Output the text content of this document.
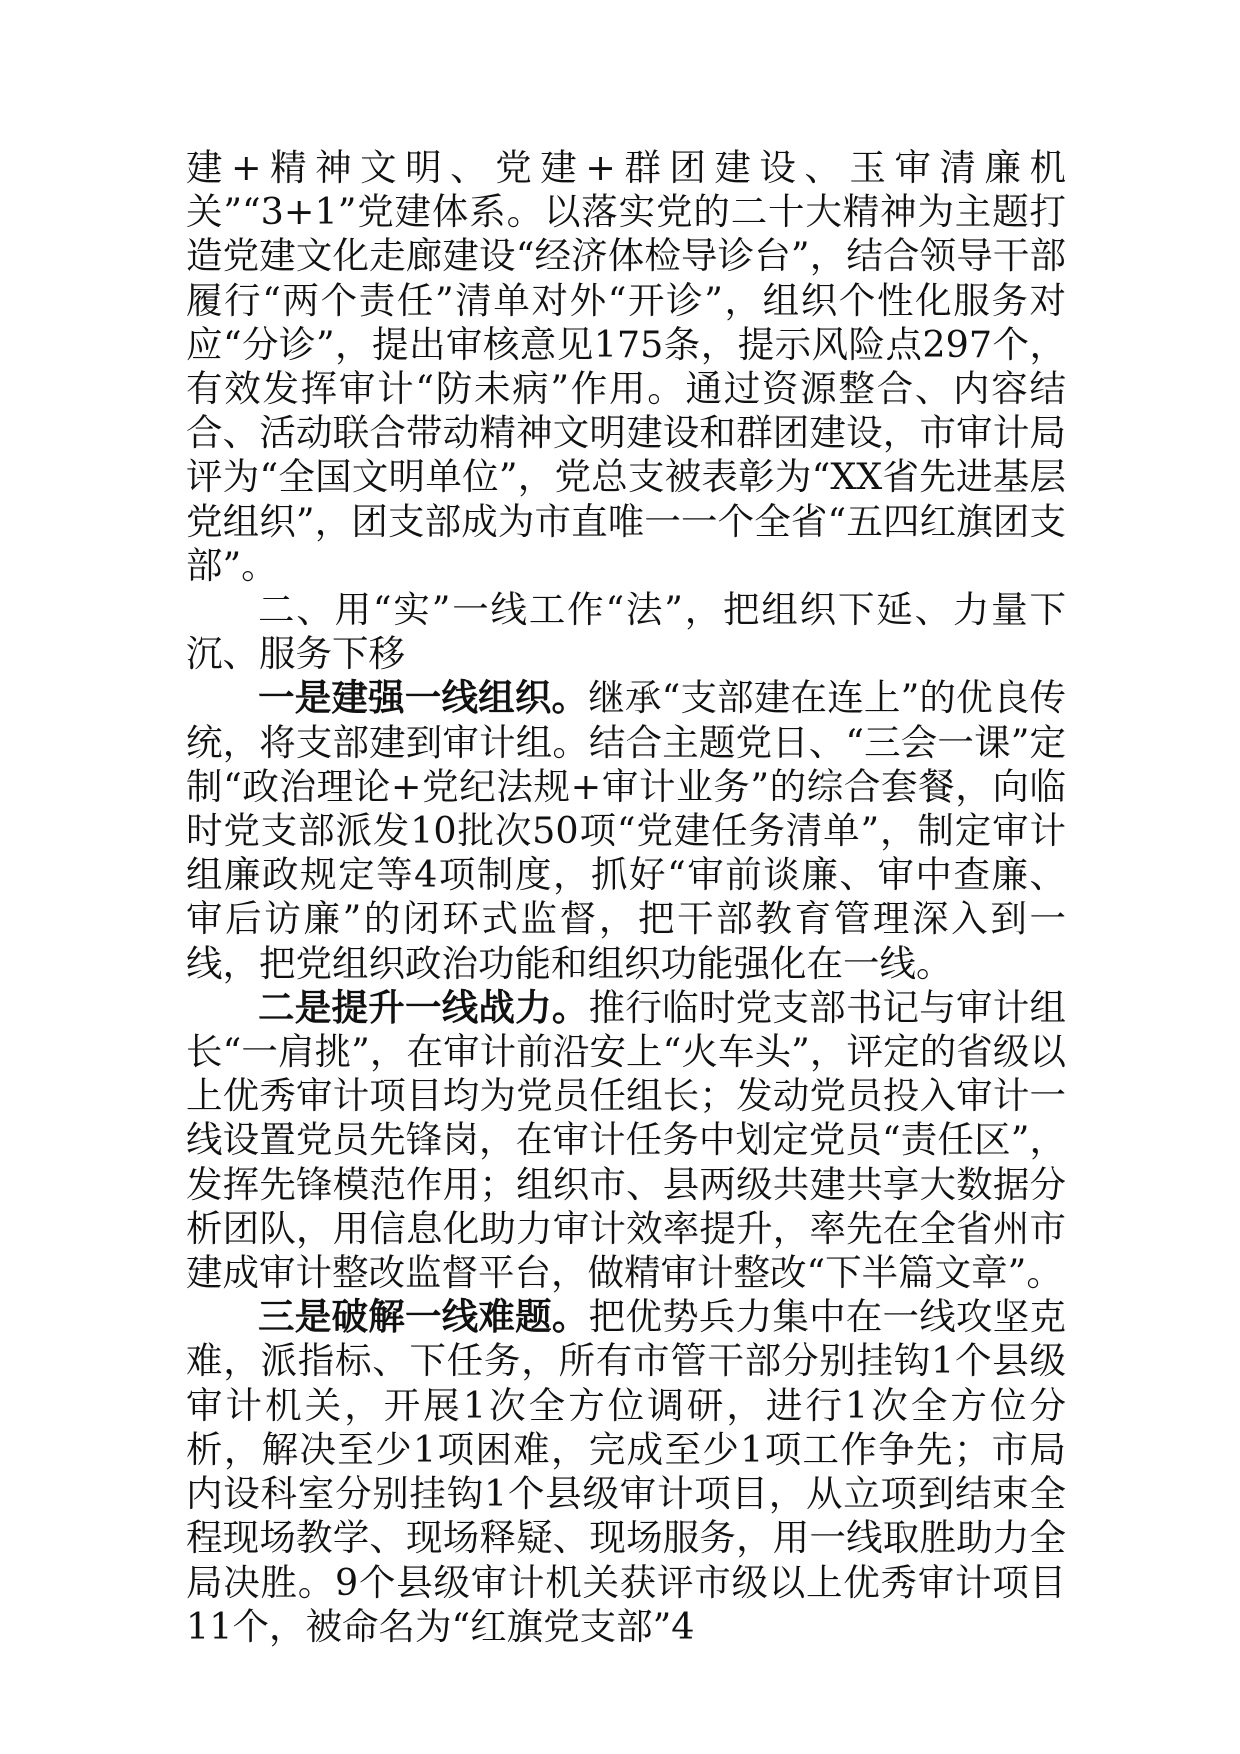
建+精神文明、党建+群团建设、玉审清廉机关”“3+1”党建体系。以落实党的二十大精神为主题打造党建文化走廊建设“经济体检导诊台”，结合领导干部履行“两个责任”清单对外“开诊”，组织个性化服务对应“分诊”，提出审核意见175条，提示风险点297个，有效发挥审计“防未病”作用。通过资源整合、内容结合、活动联合带动精神文明建设和群团建设，市审计局评为“全国文明单位”，党总支被表彰为“XX省先进基层党组织”，团支部成为市直唯一一个全省“五四红旗团支部”。

二、用“实”一线工作“法”，把组织下延、力量下沉、服务下移

一是建强一线组织。继承“支部建在连上”的优良传统，将支部建到审计组。结合主题党日、“三会一课”定制“政治理论+党纪法规+审计业务”的综合套餐，向临时党支部派发10批次50项“党建任务清单”，制定审计组廉政规定等4项制度，抓好“审前谈廉、审中查廉、审后访廉”的闭环式监督，把干部教育管理深入到一线，把党组织政治功能和组织功能强化在一线。

二是提升一线战力。推行临时党支部书记与审计组长“一肩挑”，在审计前沿安上“火车头”，评定的省级以上优秀审计项目均为党员任组长；发动党员投入审计一线设置党员先锋岗，在审计任务中划定党员“责任区”，发挥先锋模范作用；组织市、县两级共建共享大数据分析团队，用信息化助力审计效率提升，率先在全省州市建成审计整改监督平台，做精审计整改“下半篇文章”。

三是破解一线难题。把优势兵力集中在一线攻坚克难，派指标、下任务，所有市管干部分别挂钩1个县级审计机关，开展1次全方位调研，进行1次全方位分析，解决至少1项困难，完成至少1项工作争先；市局内设科室分别挂钩1个县级审计项目，从立项到结束全程现场教学、现场释疑、现场服务，用一线取胜助力全局决胜。9个县级审计机关获评市级以上优秀审计项目11个，被命名为“红旗党支部”4
